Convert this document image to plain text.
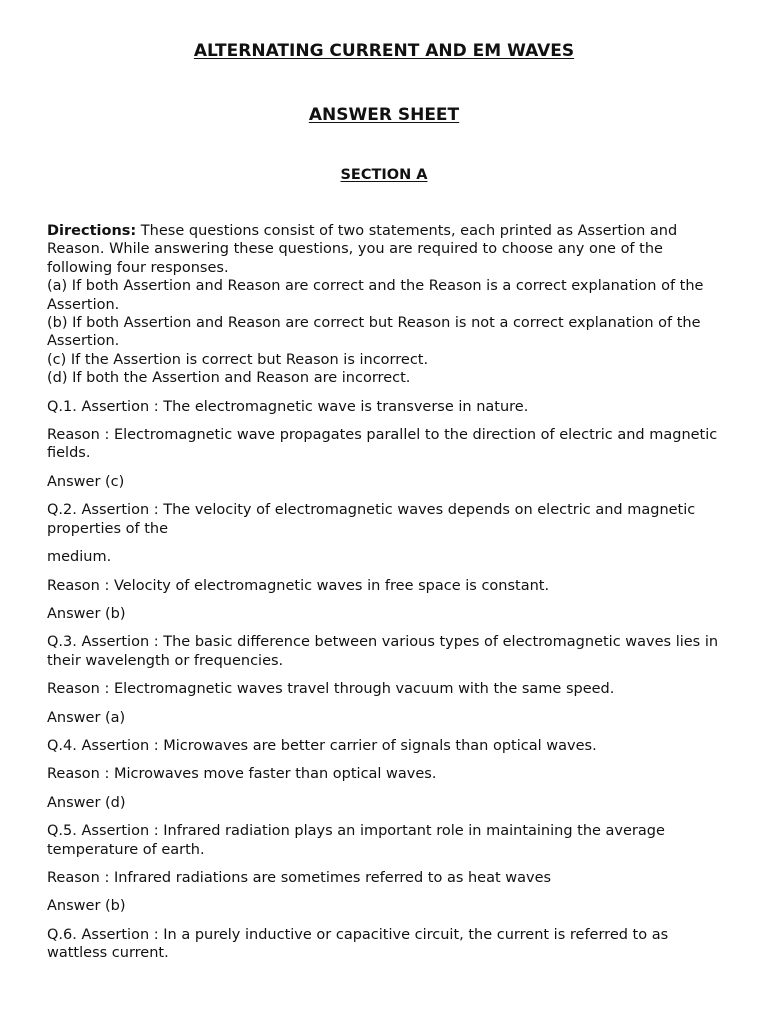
ALTERNATING CURRENT AND EM WAVES
ANSWER SHEET
SECTION A
Directions: These questions consist of two statements, each printed as Assertion and Reason. While answering these questions, you are required to choose any one of the following four responses.
(a) If both Assertion and Reason are correct and the Reason is a correct explanation of the Assertion.
(b) If both Assertion and Reason are correct but Reason is not a correct explanation of the Assertion.
(c) If the Assertion is correct but Reason is incorrect.
(d) If both the Assertion and Reason are incorrect.

Q.1. Assertion : The electromagnetic wave is transverse in nature.

Reason : Electromagnetic wave propagates parallel to the direction of electric and magnetic fields.

Answer (c)

Q.2. Assertion : The velocity of electromagnetic waves depends on electric and magnetic properties of the

medium.

Reason : Velocity of electromagnetic waves in free space is constant.

Answer (b)

Q.3. Assertion : The basic difference between various types of electromagnetic waves lies in their wavelength or frequencies.

Reason : Electromagnetic waves travel through vacuum with the same speed.

Answer (a)

Q.4. Assertion : Microwaves are better carrier of signals than optical waves.

Reason : Microwaves move faster than optical waves.

Answer (d)

Q.5. Assertion : Infrared radiation plays an important role in maintaining the average temperature of earth.

Reason : Infrared radiations are sometimes referred to as heat waves

Answer (b)

Q.6. Assertion : In a purely inductive or capacitive circuit, the current is referred to as wattless current.
